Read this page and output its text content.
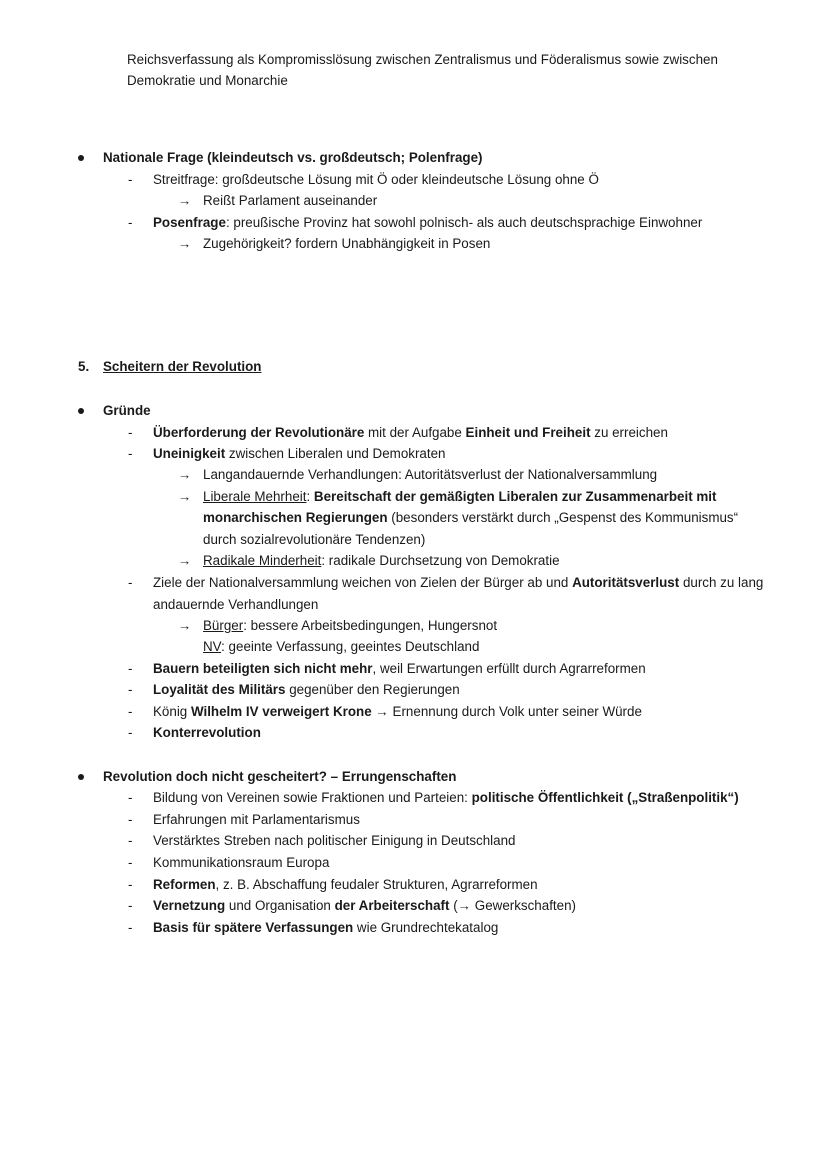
Reichsverfassung als Kompromisslösung zwischen Zentralismus und Föderalismus sowie zwischen
Demokratie und Monarchie
Nationale Frage (kleindeutsch vs. großdeutsch; Polenfrage)
- Streitfrage: großdeutsche Lösung mit Ö oder kleindeutsche Lösung ohne Ö
→ Reißt Parlament auseinander
- Posenfrage: preußische Provinz hat sowohl polnisch- als auch deutschsprachige Einwohner
→ Zugehörigkeit? fordern Unabhängigkeit in Posen
5. Scheitern der Revolution
Gründe
- Überforderung der Revolutionäre mit der Aufgabe Einheit und Freiheit zu erreichen
- Uneinigkeit zwischen Liberalen und Demokraten
→ Langandauernde Verhandlungen: Autoritätsverlust der Nationalversammlung
→ Liberale Mehrheit: Bereitschaft der gemäßigten Liberalen zur Zusammenarbeit mit
monarchischen Regierungen (besonders verstärkt durch „Gespenst des Kommunismus“
durch sozialrevolutionäre Tendenzen)
→ Radikale Minderheit: radikale Durchsetzung von Demokratie
- Ziele der Nationalversammlung weichen von Zielen der Bürger ab und Autoritätsverlust durch zu lang
andauernde Verhandlungen
→ Bürger: bessere Arbeitsbedingungen, Hungersnot
NV: geeinte Verfassung, geeintes Deutschland
- Bauern beteiligten sich nicht mehr, weil Erwartungen erfüllt durch Agrarreformen
- Loyalität des Militärs gegenüber den Regierungen
- König Wilhelm IV verweigert Krone → Ernennung durch Volk unter seiner Würde
- Konterrevolution
Revolution doch nicht gescheitert? – Errungenschaften
- Bildung von Vereinen sowie Fraktionen und Parteien: politische Öffentlichkeit („Straßenpolitik“)
- Erfahrungen mit Parlamentarismus
- Verstärktes Streben nach politischer Einigung in Deutschland
- Kommunikationsraum Europa
- Reformen, z. B. Abschaffung feudaler Strukturen, Agrarreformen
- Vernetzung und Organisation der Arbeiterschaft (→ Gewerkschaften)
- Basis für spätere Verfassungen wie Grundrechtekatalog
